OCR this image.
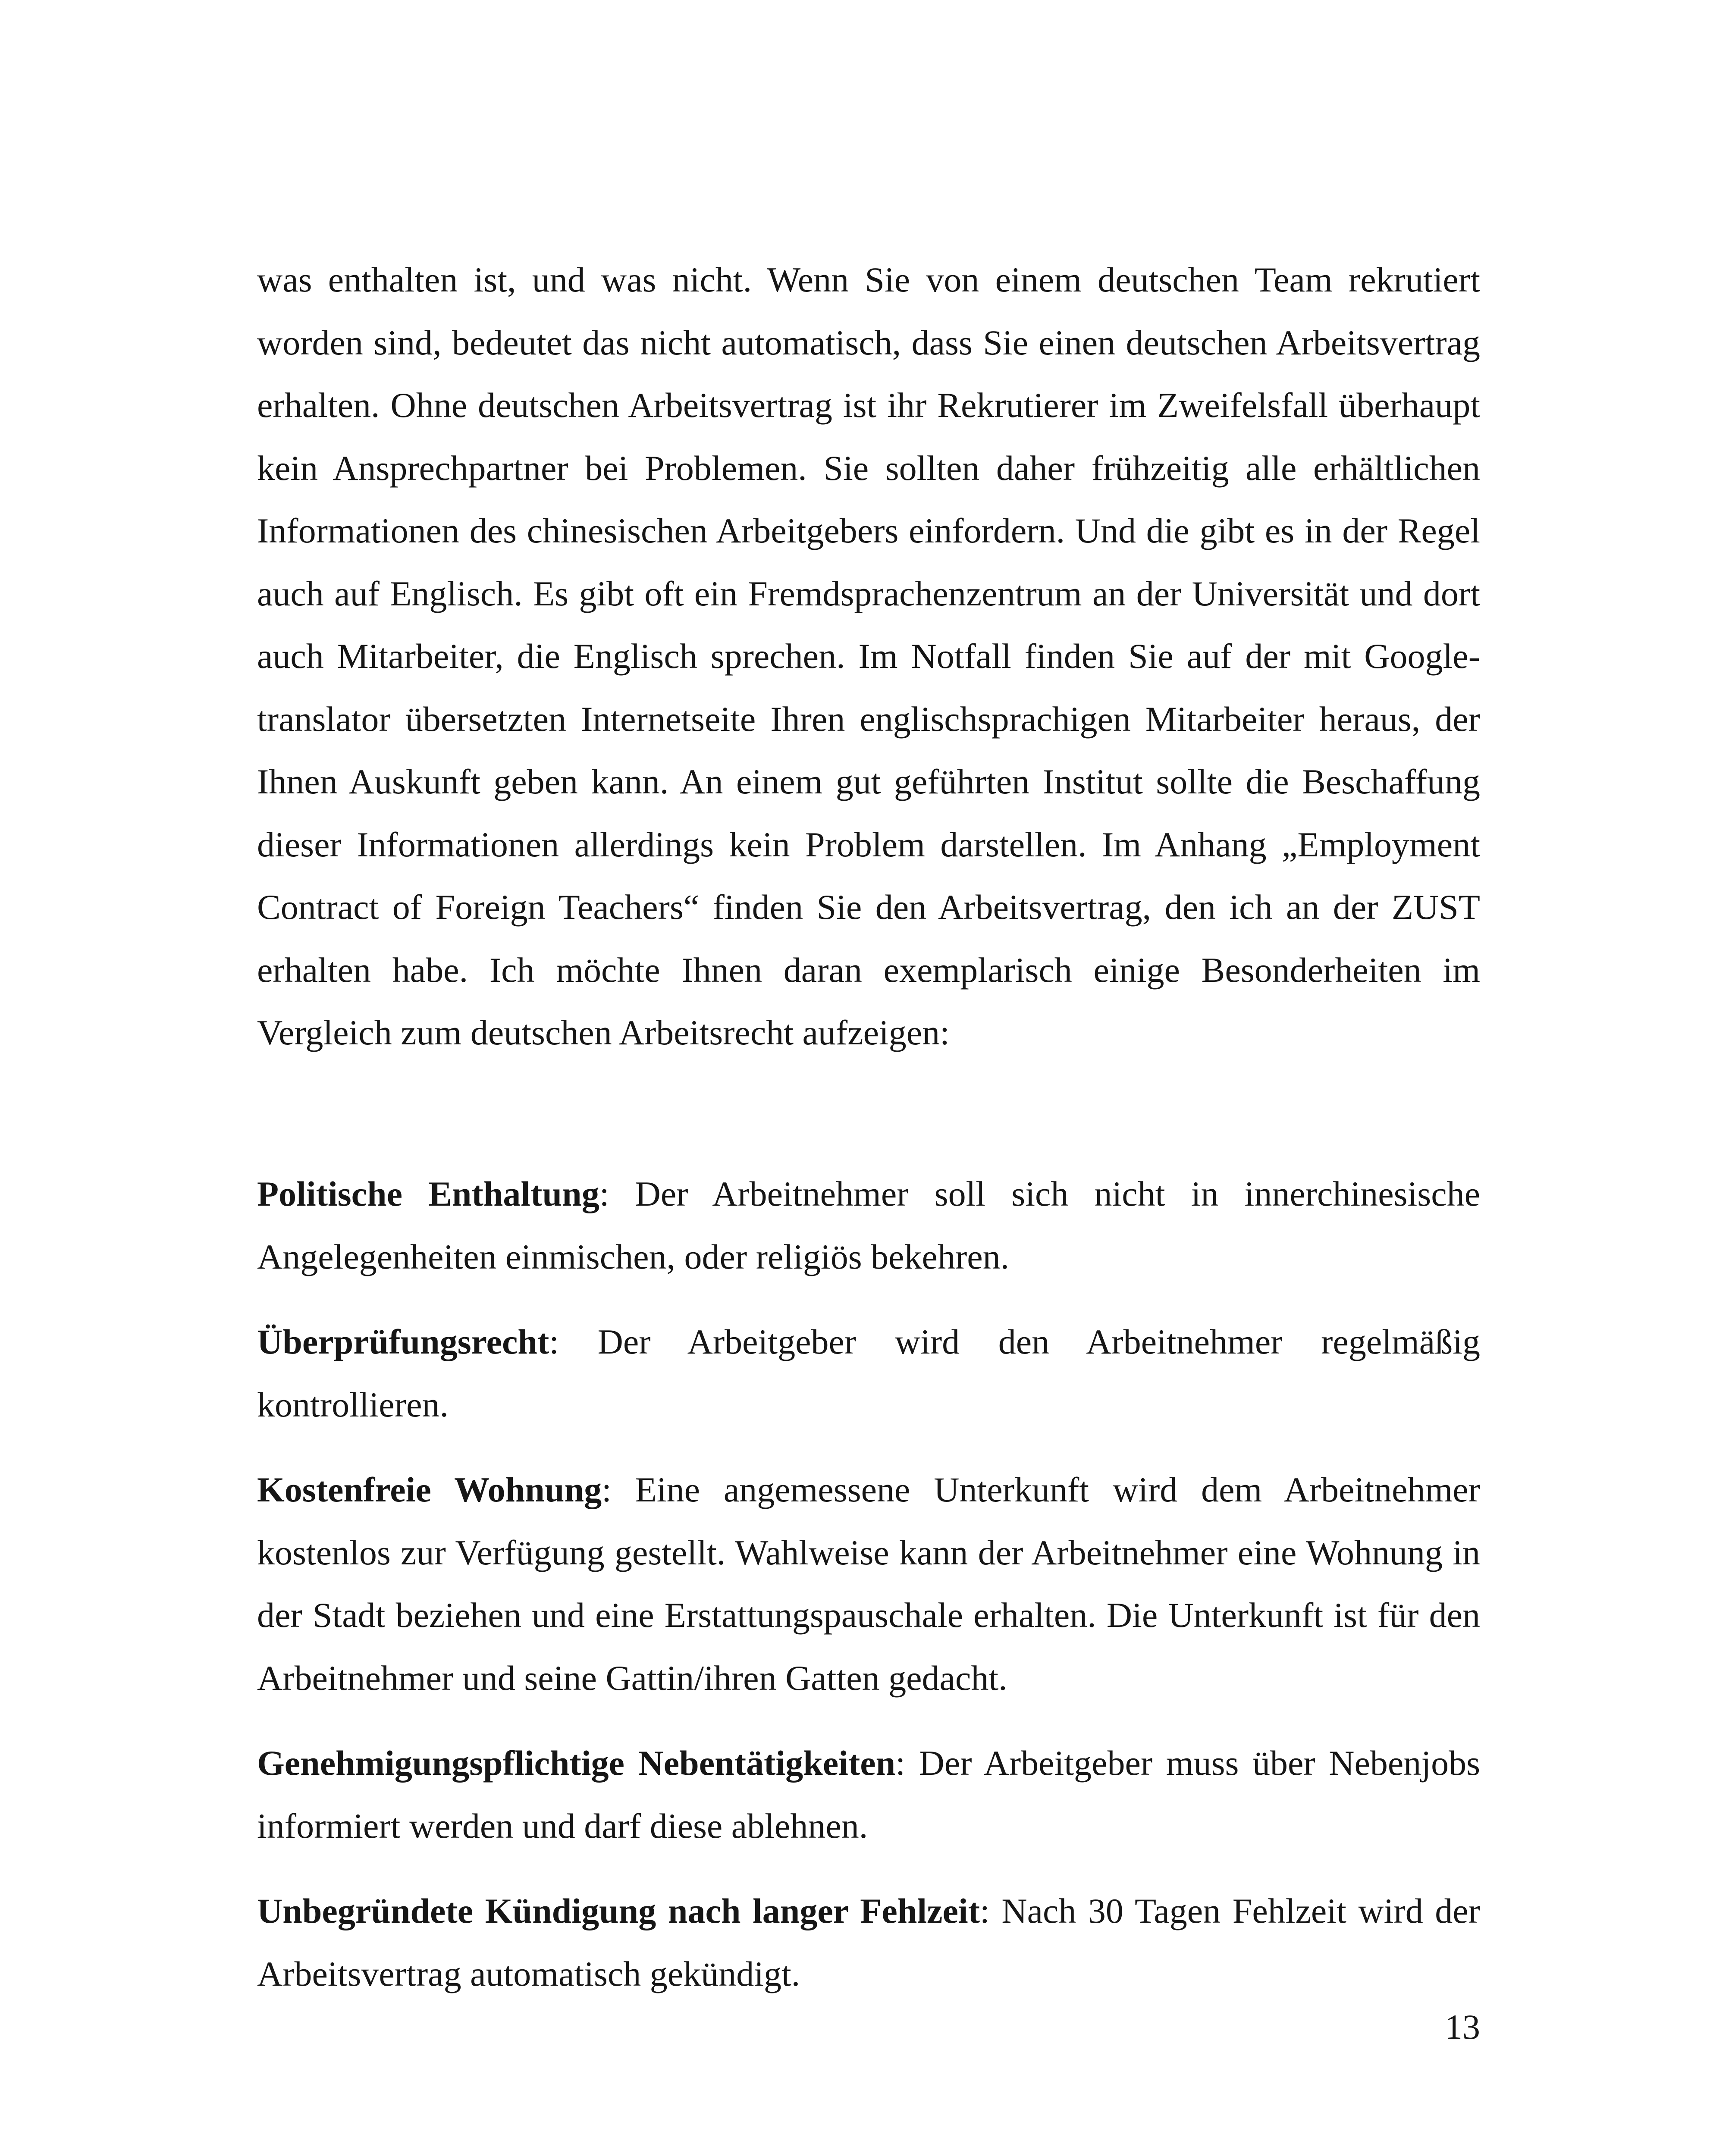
was enthalten ist, und was nicht. Wenn Sie von einem deutschen Team rekrutiert worden sind, bedeutet das nicht automatisch, dass Sie einen deutschen Arbeitsvertrag erhalten. Ohne deutschen Arbeitsvertrag ist ihr Rekrutierer im Zweifelsfall überhaupt kein Ansprechpartner bei Problemen. Sie sollten daher frühzeitig alle erhältlichen Informationen des chinesischen Arbeitgebers einfordern. Und die gibt es in der Regel auch auf Englisch. Es gibt oft ein Fremdsprachenzentrum an der Universität und dort auch Mitarbeiter, die Englisch sprechen. Im Notfall finden Sie auf der mit Google-translator übersetzten Internetseite Ihren englischsprachigen Mitarbeiter heraus, der Ihnen Auskunft geben kann. An einem gut geführten Institut sollte die Beschaffung dieser Informationen allerdings kein Problem darstellen. Im Anhang „Employment Contract of Foreign Teachers“ finden Sie den Arbeitsvertrag, den ich an der ZUST erhalten habe. Ich möchte Ihnen daran exemplarisch einige Besonderheiten im Vergleich zum deutschen Arbeitsrecht aufzeigen:

Politische Enthaltung: Der Arbeitnehmer soll sich nicht in innerchinesische Angelegenheiten einmischen, oder religiös bekehren.

Überprüfungsrecht: Der Arbeitgeber wird den Arbeitnehmer regelmäßig kontrollieren.

Kostenfreie Wohnung: Eine angemessene Unterkunft wird dem Arbeitnehmer kostenlos zur Verfügung gestellt. Wahlweise kann der Arbeitnehmer eine Wohnung in der Stadt beziehen und eine Erstattungspauschale erhalten. Die Unterkunft ist für den Arbeitnehmer und seine Gattin/ihren Gatten gedacht.

Genehmigungspflichtige Nebentätigkeiten: Der Arbeitgeber muss über Nebenjobs informiert werden und darf diese ablehnen.

Unbegründete Kündigung nach langer Fehlzeit: Nach 30 Tagen Fehlzeit wird der Arbeitsvertrag automatisch gekündigt.

13
